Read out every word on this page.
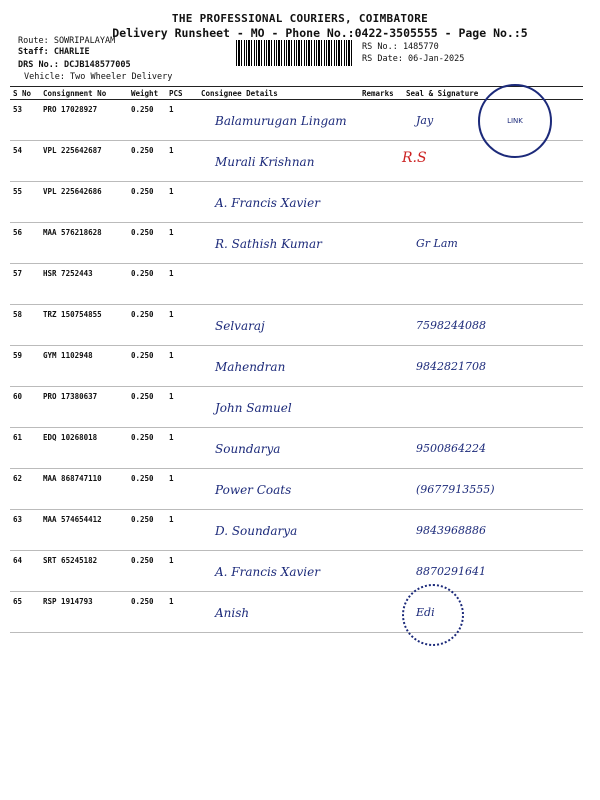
THE PROFESSIONAL COURIERS, COIMBATORE
Delivery Runsheet - MO - Phone No.:0422-3505555 - Page No.:5
Route: SOWRIPALAYAM
Staff: CHARLIE
DRS No.: DCJB148577005
Vehicle: Two Wheeler Delivery
RS No.: 1485770
RS Date: 06-Jan-2025
S No	Consignment No	Weight	PCS	Consignee Details	Remarks	Seal & Signature
53	PRO 17028927	0.250	1	Balamurugan Lingam		Jay
54	VPL 225642687	0.250	1	Murali Krishnan		
55	VPL 225642686	0.250	1	A. Francis Xavier		
56	MAA 576218628	0.250	1	R. Sathish Kumar		Gr Lam
57	HSR 7252443	0.250	1			
58	TRZ 150754855	0.250	1	Selvaraj		7598244088
59	GYM 1102948	0.250	1	Mahendran		9842821708
60	PRO 17380637	0.250	1	John Samuel		
61	EDQ 10268018	0.250	1	Soundarya		9500864224
62	MAA 868747110	0.250	1	Power Coats		(9677913555)
63	MAA 574654412	0.250	1	D. Soundarya		9843968886
64	SRT 65245182	0.250	1	A. Francis Xavier		8870291641
65	RSP 1914793	0.250	1	Anish		Edi
LINK
R.S
